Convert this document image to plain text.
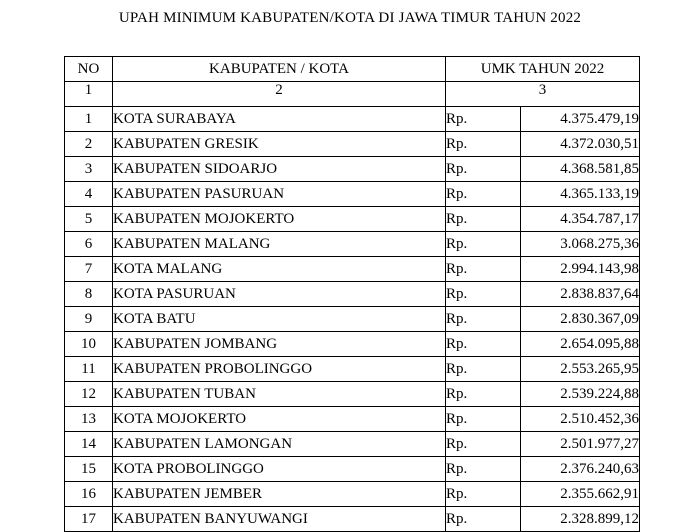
UPAH MINIMUM KABUPATEN/KOTA DI JAWA TIMUR TAHUN 2022
NO	KABUPATEN / KOTA	UMK TAHUN 2022	
1	2	3	
1	KOTA SURABAYA	Rp.	4.375.479,19
2	KABUPATEN GRESIK	Rp.	4.372.030,51
3	KABUPATEN SIDOARJO	Rp.	4.368.581,85
4	KABUPATEN PASURUAN	Rp.	4.365.133,19
5	KABUPATEN MOJOKERTO	Rp.	4.354.787,17
6	KABUPATEN MALANG	Rp.	3.068.275,36
7	KOTA MALANG	Rp.	2.994.143,98
8	KOTA PASURUAN	Rp.	2.838.837,64
9	KOTA BATU	Rp.	2.830.367,09
10	KABUPATEN JOMBANG	Rp.	2.654.095,88
11	KABUPATEN PROBOLINGGO	Rp.	2.553.265,95
12	KABUPATEN TUBAN	Rp.	2.539.224,88
13	KOTA MOJOKERTO	Rp.	2.510.452,36
14	KABUPATEN LAMONGAN	Rp.	2.501.977,27
15	KOTA PROBOLINGGO	Rp.	2.376.240,63
16	KABUPATEN JEMBER	Rp.	2.355.662,91
17	KABUPATEN BANYUWANGI	Rp.	2.328.899,12
